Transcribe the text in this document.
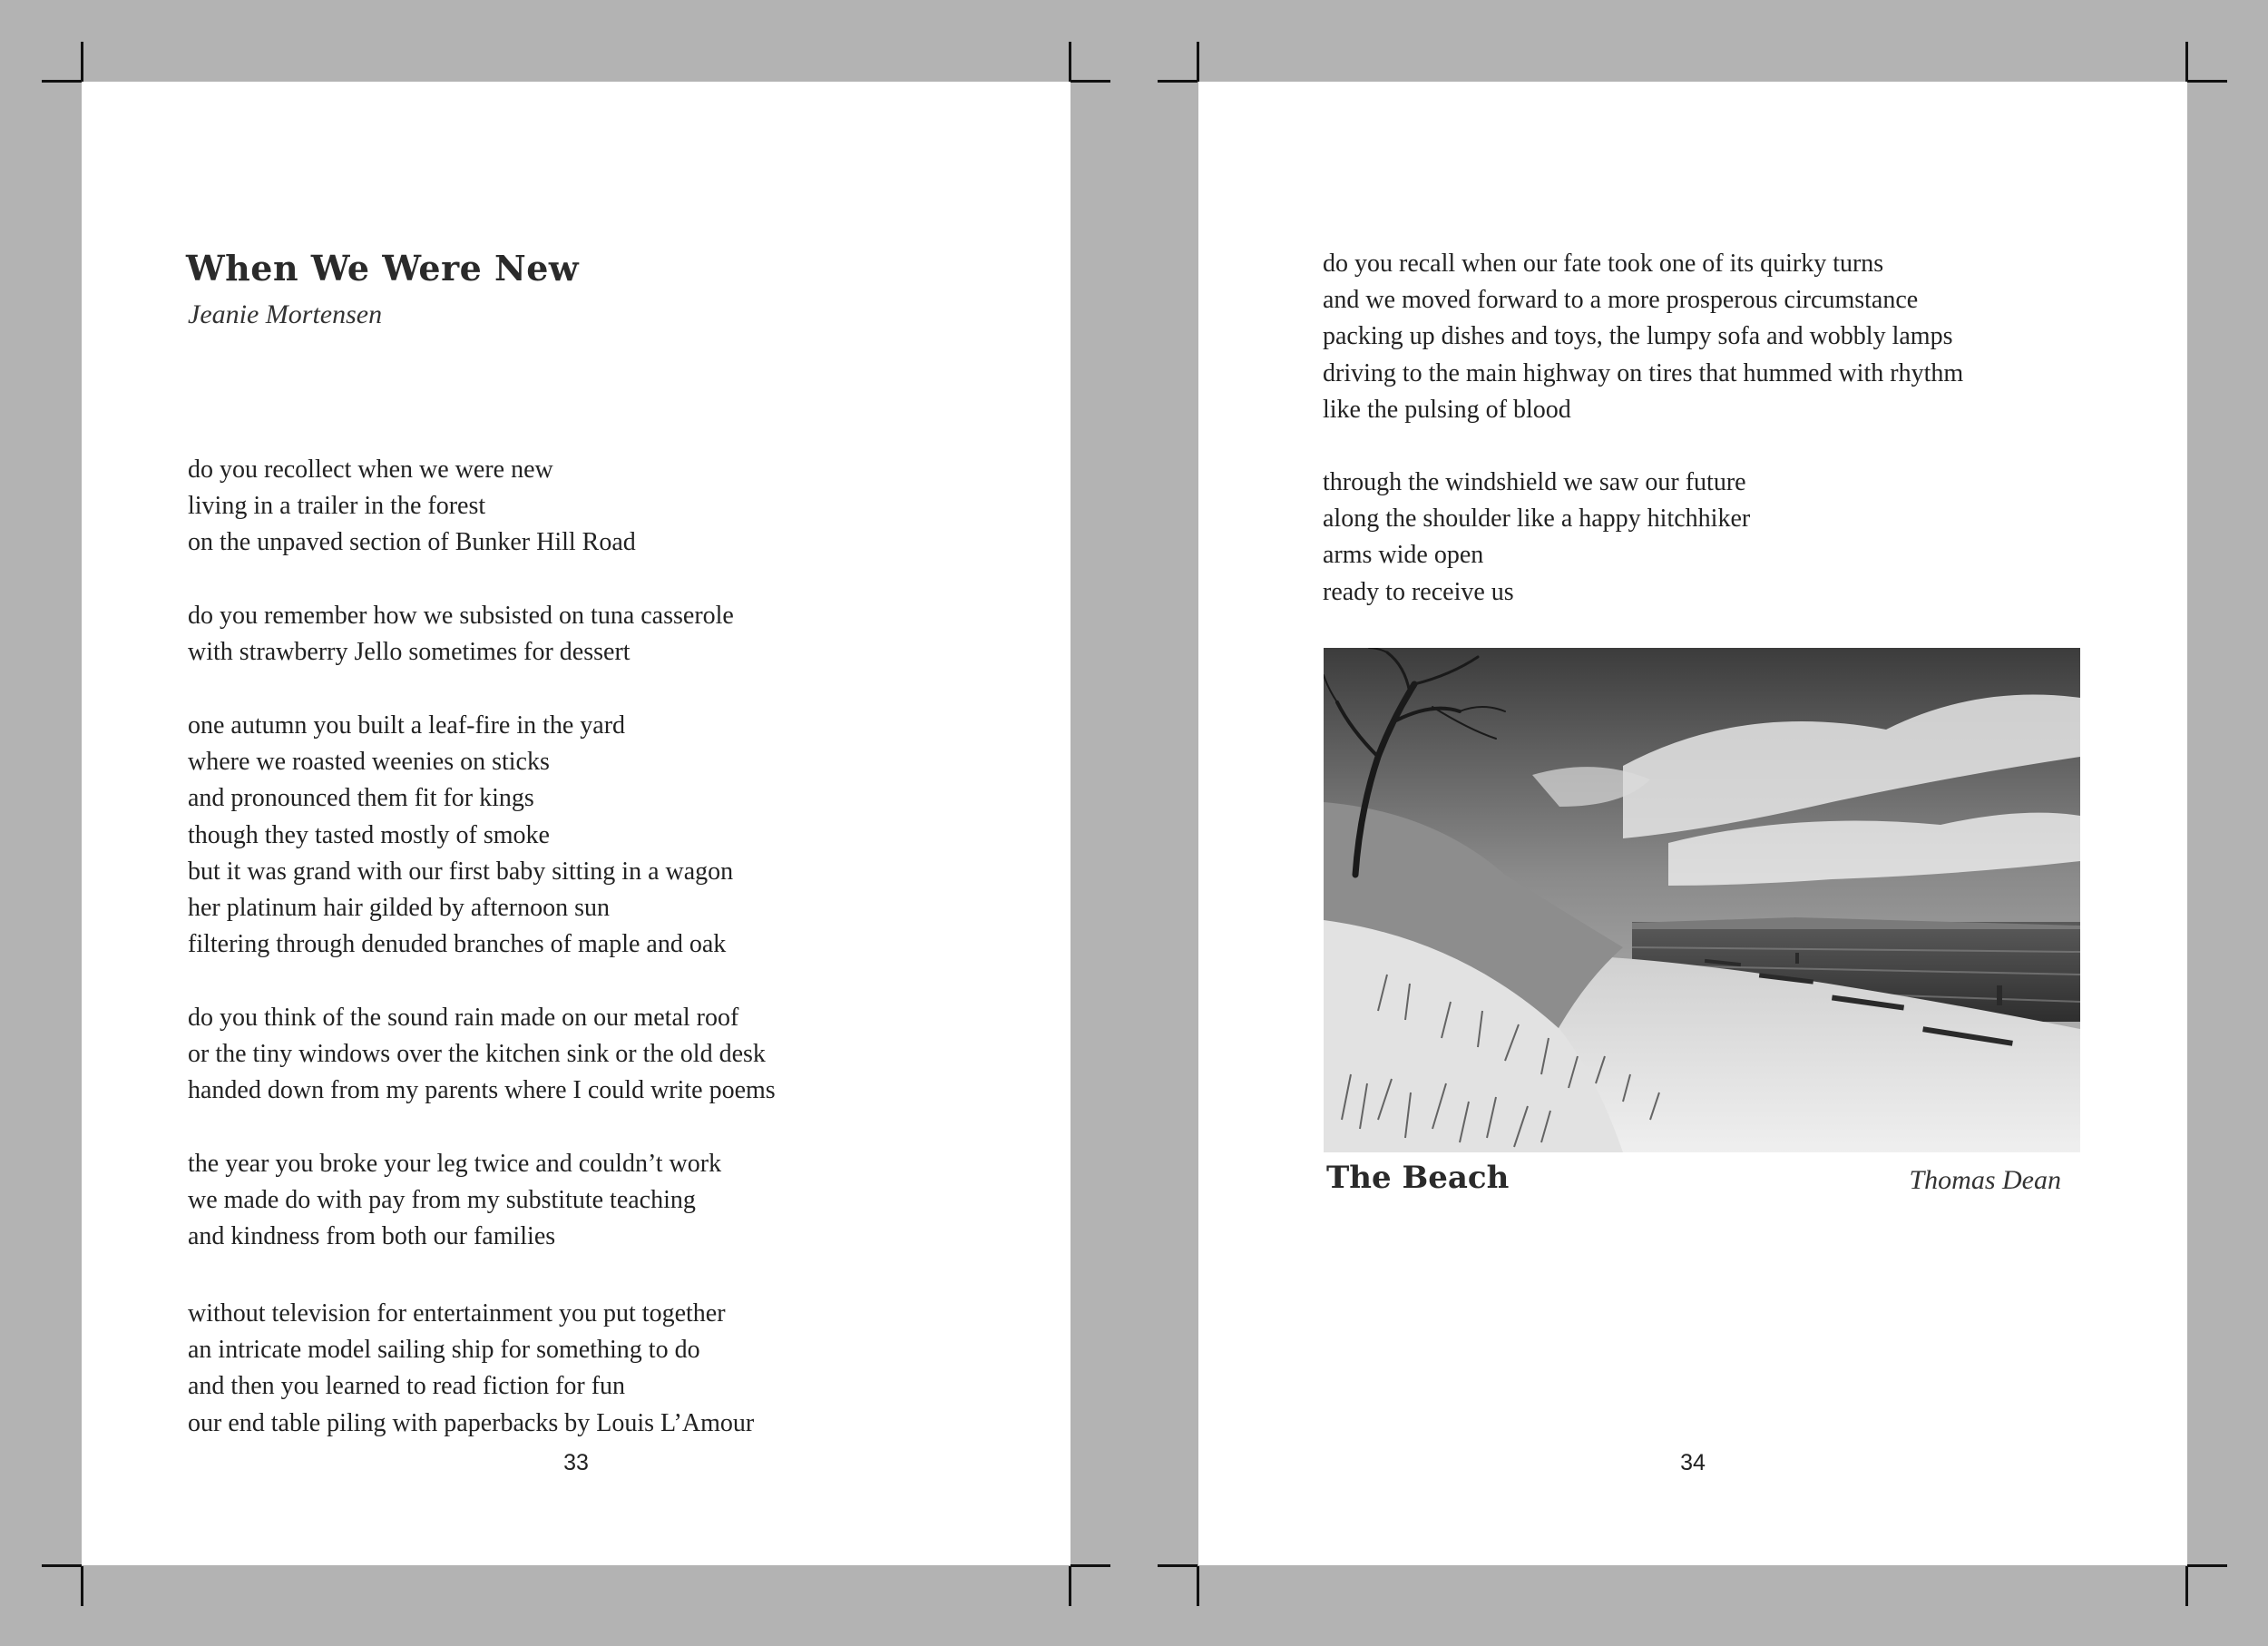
When We Were New
Jeanie Mortensen
do you recollect when we were new
living in a trailer in the forest
on the unpaved section of Bunker Hill Road
do you remember how we subsisted on tuna casserole
with strawberry Jello sometimes for dessert
one autumn you built a leaf-fire in the yard
where we roasted weenies on sticks
and pronounced them fit for kings
though they tasted mostly of smoke
but it was grand with our first baby sitting in a wagon
her platinum hair gilded by afternoon sun
filtering through denuded branches of maple and oak
do you think of the sound rain made on our metal roof
or the tiny windows over the kitchen sink or the old desk
handed down from my parents where I could write poems
the year you broke your leg twice and couldn’t work
we made do with pay from my substitute teaching
and kindness from both our families
without television for entertainment you put together
an intricate model sailing ship for something to do
and then you learned to read fiction for fun
our end table piling with paperbacks by Louis L’Amour
33
do you recall when our fate took one of its quirky turns
and we moved forward to a more prosperous circumstance
packing up dishes and toys, the lumpy sofa and wobbly lamps
driving to the main highway on tires that hummed with rhythm
like the pulsing of blood
through the windshield we saw our future
along the shoulder like a happy hitchhiker
arms wide open
ready to receive us
The Beach	Thomas Dean
34
